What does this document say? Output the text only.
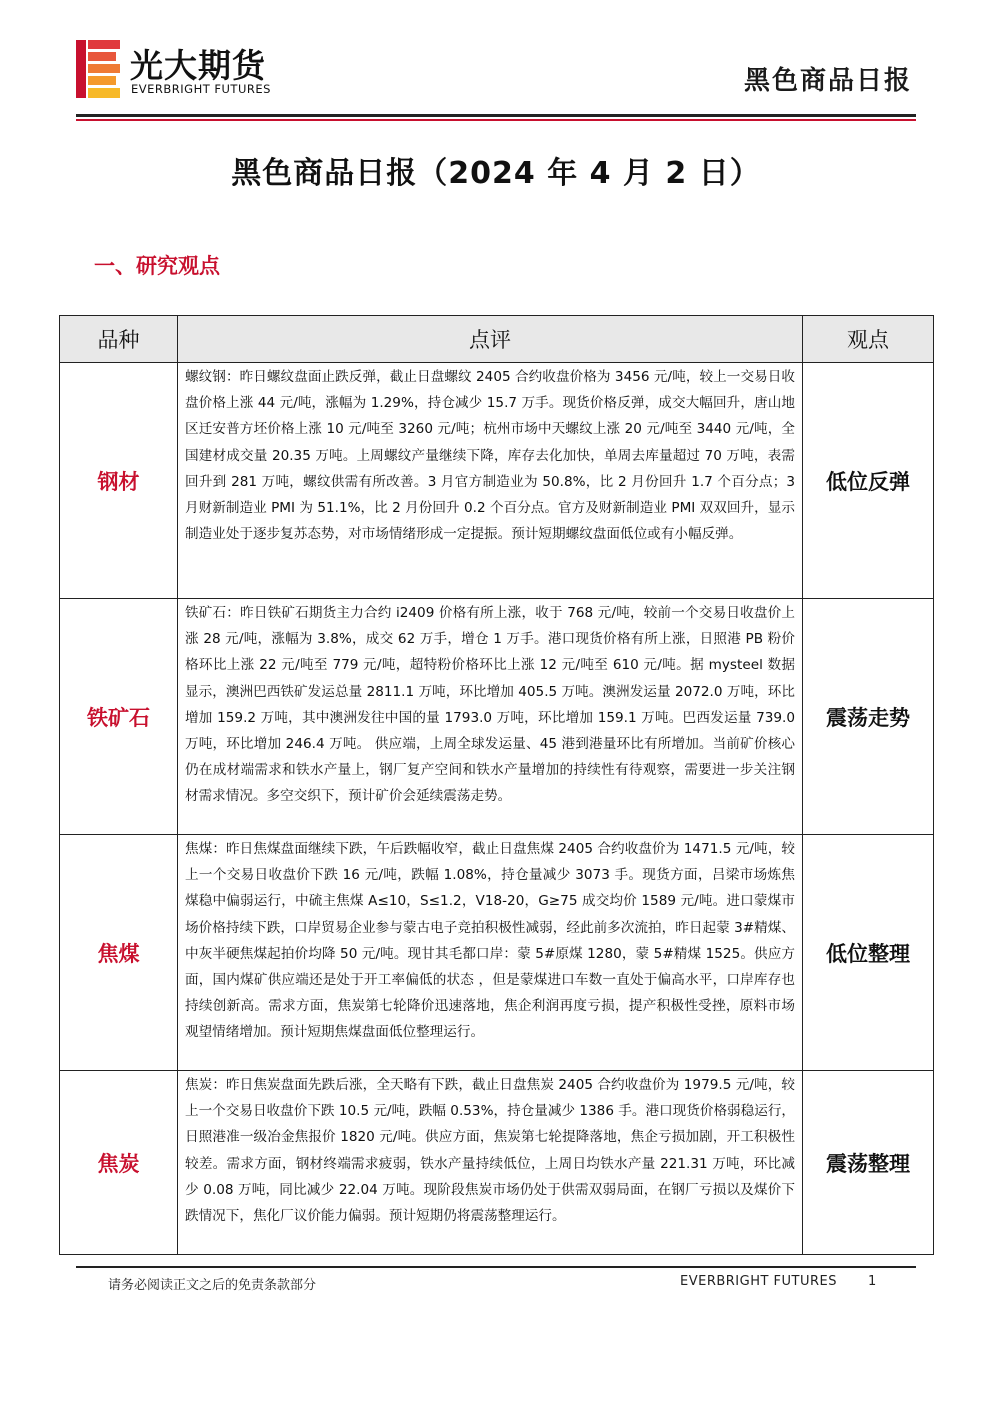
光大期货
EVERBRIGHT FUTURES	黑色商品日报
黑色商品日报（2024 年 4 月 2 日）
一、研究观点
品种	点评	观点
钢材	螺纹钢：昨日螺纹盘面止跌反弹，截止日盘螺纹 2405 合约收盘价格为 3456 元/吨，较上一交易日收盘价格上涨 44 元/吨，涨幅为 1.29%，持仓减少 15.7 万手。现货价格反弹，成交大幅回升，唐山地区迁安普方坯价格上涨 10 元/吨至 3260 元/吨；杭州市场中天螺纹上涨 20 元/吨至 3440 元/吨，全国建材成交量 20.35 万吨。上周螺纹产量继续下降，库存去化加快，单周去库量超过 70 万吨，表需回升到 281 万吨，螺纹供需有所改善。3 月官方制造业为 50.8%，比 2 月份回升 1.7 个百分点；3 月财新制造业 PMI 为 51.1%，比 2 月份回升 0.2 个百分点。官方及财新制造业 PMI 双双回升，显示制造业处于逐步复苏态势，对市场情绪形成一定提振。预计短期螺纹盘面低位或有小幅反弹。	低位反弹
铁矿石	铁矿石：昨日铁矿石期货主力合约 i2409 价格有所上涨，收于 768 元/吨，较前一个交易日收盘价上涨 28 元/吨，涨幅为 3.8%，成交 62 万手，增仓 1 万手。港口现货价格有所上涨，日照港 PB 粉价格环比上涨 22 元/吨至 779 元/吨，超特粉价格环比上涨 12 元/吨至 610 元/吨。据 mysteel 数据显示，澳洲巴西铁矿发运总量 2811.1 万吨，环比增加 405.5 万吨。澳洲发运量 2072.0 万吨，环比增加 159.2 万吨，其中澳洲发往中国的量 1793.0 万吨，环比增加 159.1 万吨。巴西发运量 739.0 万吨，环比增加 246.4 万吨。 供应端，上周全球发运量、45 港到港量环比有所增加。当前矿价核心仍在成材端需求和铁水产量上，钢厂复产空间和铁水产量增加的持续性有待观察，需要进一步关注钢材需求情况。多空交织下，预计矿价会延续震荡走势。	震荡走势
焦煤	焦煤：昨日焦煤盘面继续下跌，午后跌幅收窄，截止日盘焦煤 2405 合约收盘价为 1471.5 元/吨，较上一个交易日收盘价下跌 16 元/吨，跌幅 1.08%，持仓量减少 3073 手。现货方面，吕梁市场炼焦煤稳中偏弱运行，中硫主焦煤 A≤10，S≤1.2，V18-20，G≥75 成交均价 1589 元/吨。进口蒙煤市场价格持续下跌，口岸贸易企业参与蒙古电子竞拍积极性减弱，经此前多次流拍，昨日起蒙 3#精煤、中灰半硬焦煤起拍价均降 50 元/吨。现甘其毛都口岸：蒙 5#原煤 1280，蒙 5#精煤 1525。供应方面，国内煤矿供应端还是处于开工率偏低的状态 ，但是蒙煤进口车数一直处于偏高水平，口岸库存也持续创新高。需求方面，焦炭第七轮降价迅速落地，焦企利润再度亏损，提产积极性受挫，原料市场观望情绪增加。预计短期焦煤盘面低位整理运行。	低位整理
焦炭	焦炭：昨日焦炭盘面先跌后涨，全天略有下跌，截止日盘焦炭 2405 合约收盘价为 1979.5 元/吨，较上一个交易日收盘价下跌 10.5 元/吨，跌幅 0.53%，持仓量减少 1386 手。港口现货价格弱稳运行，日照港准一级冶金焦报价 1820 元/吨。供应方面，焦炭第七轮提降落地，焦企亏损加剧，开工积极性较差。需求方面，钢材终端需求疲弱，铁水产量持续低位，上周日均铁水产量 221.31 万吨，环比减少 0.08 万吨，同比减少 22.04 万吨。现阶段焦炭市场仍处于供需双弱局面，在钢厂亏损以及煤价下跌情况下，焦化厂议价能力偏弱。预计短期仍将震荡整理运行。	震荡整理
请务必阅读正文之后的免责条款部分	EVERBRIGHT FUTURES 1
